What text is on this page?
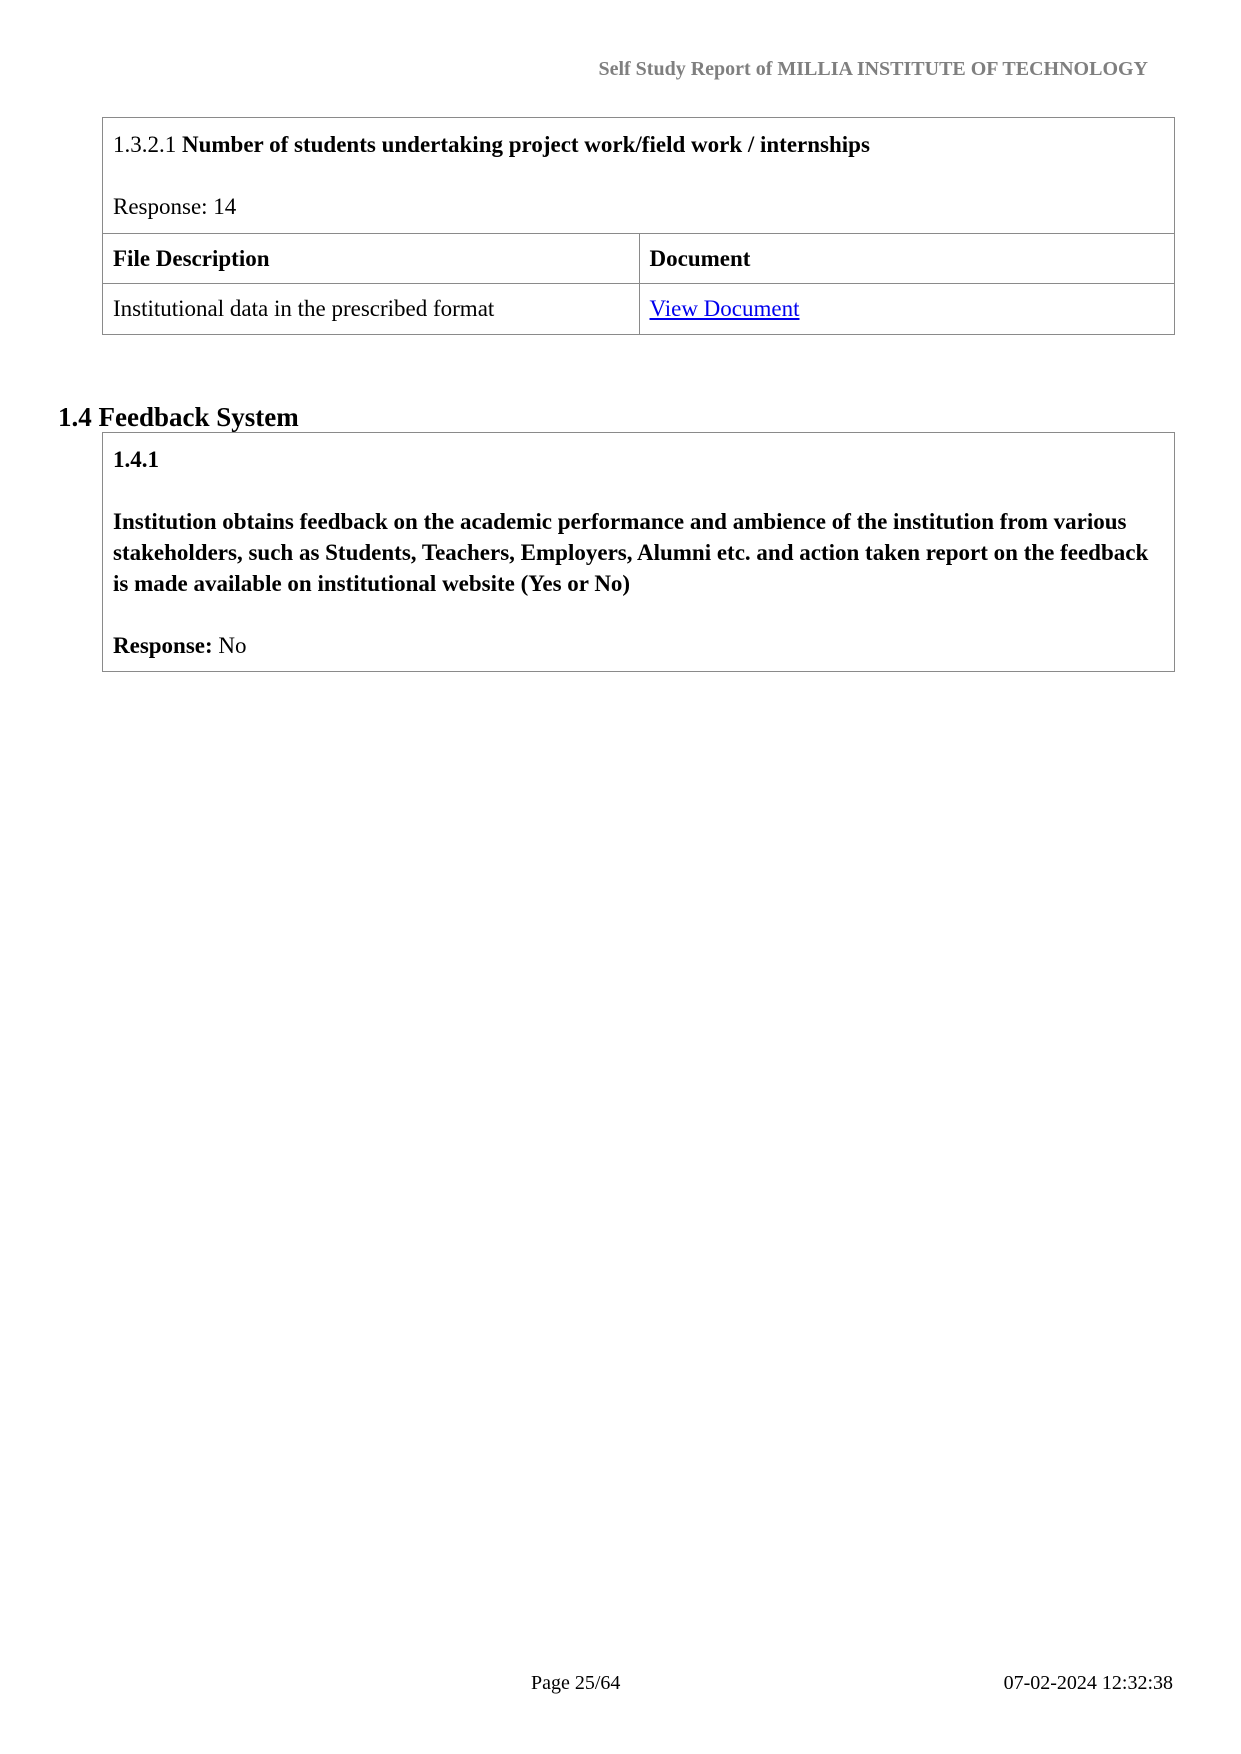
Self Study Report of MILLIA INSTITUTE OF TECHNOLOGY
1.3.2.1 Number of students undertaking project work/field work / internships
Response: 14
File Description	Document
Institutional data in the prescribed format	View Document
1.4 Feedback System
1.4.1
Institution obtains feedback on the academic performance and ambience of the institution from various stakeholders, such as Students, Teachers, Employers, Alumni etc. and action taken report on the feedback is made available on institutional website (Yes or No)
Response: No
Page 25/64	07-02-2024 12:32:38
